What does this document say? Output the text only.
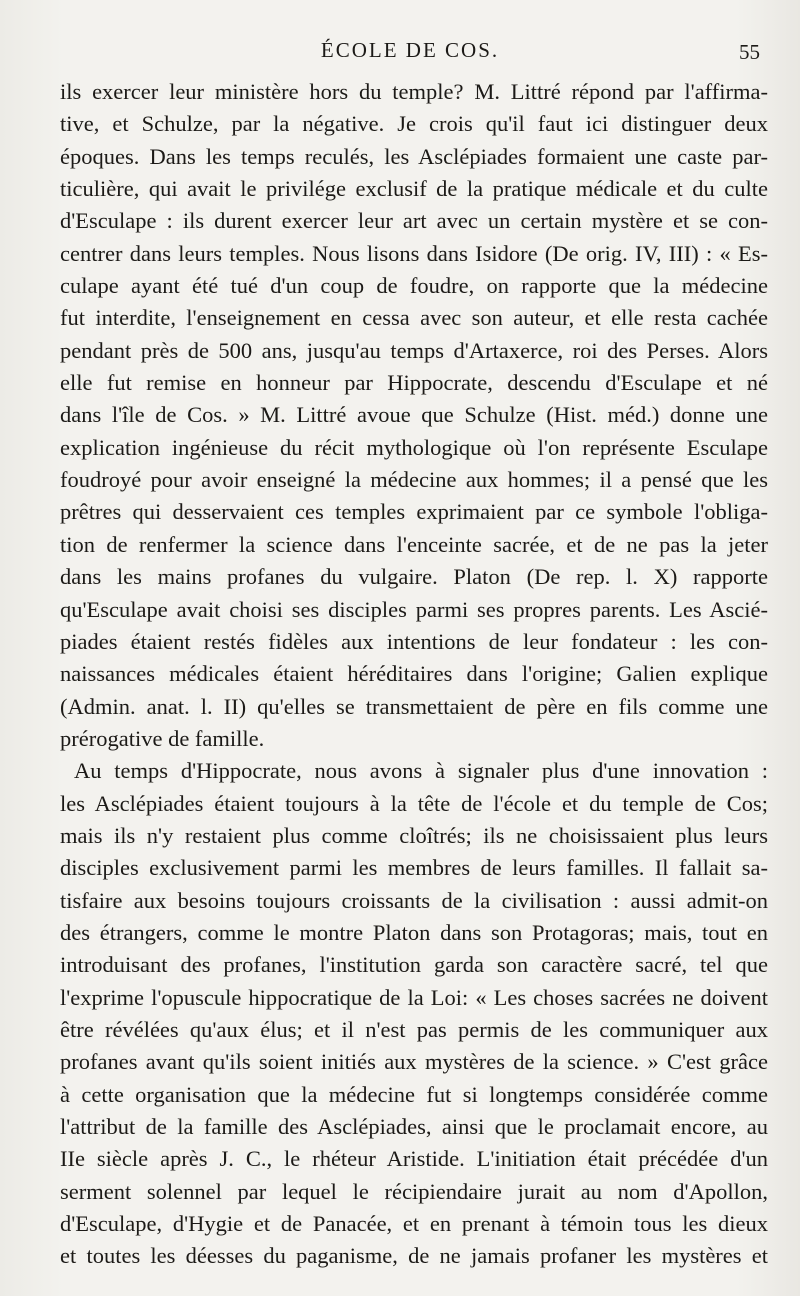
ÉCOLE DE COS.	55
ils exercer leur ministère hors du temple? M. Littré répond par l'affirma-
tive, et Schulze, par la négative. Je crois qu'il faut ici distinguer deux
époques. Dans les temps reculés, les Asclépiades formaient une caste par-
ticulière, qui avait le privilége exclusif de la pratique médicale et du culte
d'Esculape : ils durent exercer leur art avec un certain mystère et se con-
centrer dans leurs temples. Nous lisons dans Isidore (De orig. IV, III) : « Es-
culape ayant été tué d'un coup de foudre, on rapporte que la médecine
fut interdite, l'enseignement en cessa avec son auteur, et elle resta cachée
pendant près de 500 ans, jusqu'au temps d'Artaxerce, roi des Perses. Alors
elle fut remise en honneur par Hippocrate, descendu d'Esculape et né
dans l'île de Cos. » M. Littré avoue que Schulze (Hist. méd.) donne une
explication ingénieuse du récit mythologique où l'on représente Esculape
foudroyé pour avoir enseigné la médecine aux hommes; il a pensé que les
prêtres qui desservaient ces temples exprimaient par ce symbole l'obliga-
tion de renfermer la science dans l'enceinte sacrée, et de ne pas la jeter
dans les mains profanes du vulgaire. Platon (De rep. l. X) rapporte
qu'Esculape avait choisi ses disciples parmi ses propres parents. Les Ascié-
piades étaient restés fidèles aux intentions de leur fondateur : les con-
naissances médicales étaient héréditaires dans l'origine; Galien explique
(Admin. anat. l. II) qu'elles se transmettaient de père en fils comme une
prérogative de famille.
Au temps d'Hippocrate, nous avons à signaler plus d'une innovation :
les Asclépiades étaient toujours à la tête de l'école et du temple de Cos;
mais ils n'y restaient plus comme cloîtrés; ils ne choisissaient plus leurs
disciples exclusivement parmi les membres de leurs familles. Il fallait sa-
tisfaire aux besoins toujours croissants de la civilisation : aussi admit-on
des étrangers, comme le montre Platon dans son Protagoras; mais, tout en
introduisant des profanes, l'institution garda son caractère sacré, tel que
l'exprime l'opuscule hippocratique de la Loi: « Les choses sacrées ne doivent
être révélées qu'aux élus; et il n'est pas permis de les communiquer aux
profanes avant qu'ils soient initiés aux mystères de la science. » C'est grâce
à cette organisation que la médecine fut si longtemps considérée comme
l'attribut de la famille des Asclépiades, ainsi que le proclamait encore, au
IIe siècle après J. C., le rhéteur Aristide. L'initiation était précédée d'un
serment solennel par lequel le récipiendaire jurait au nom d'Apollon,
d'Esculape, d'Hygie et de Panacée, et en prenant à témoin tous les dieux
et toutes les déesses du paganisme, de ne jamais profaner les mystères et
